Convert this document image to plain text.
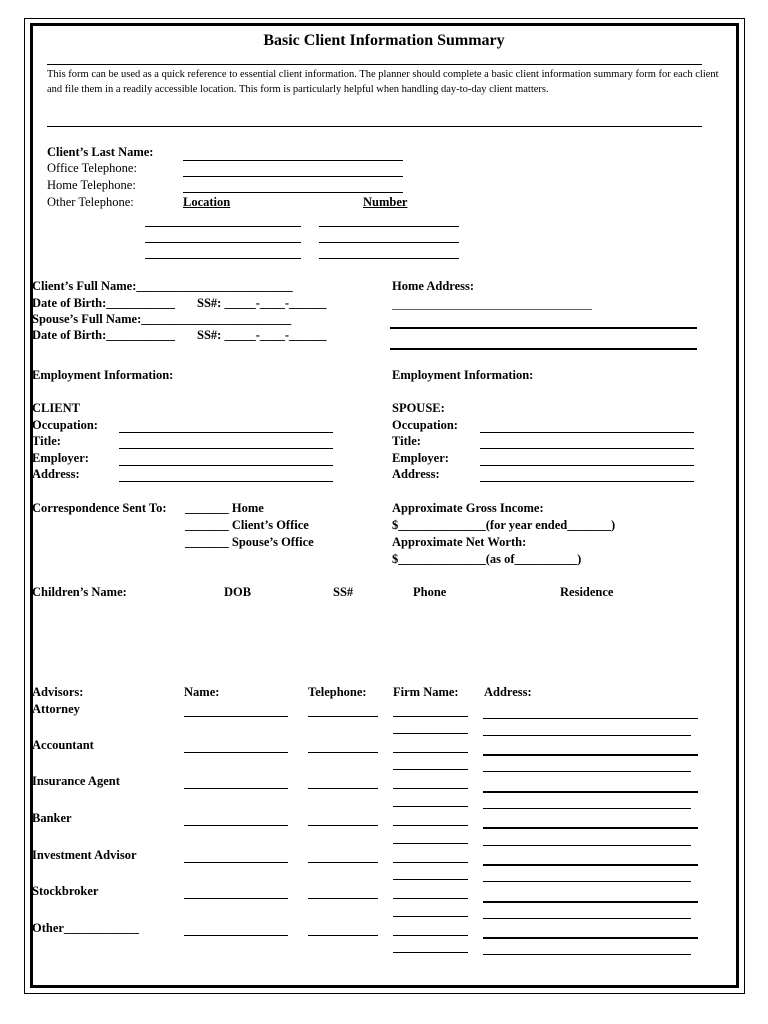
Basic Client Information Summary
This form can be used as a quick reference to essential client information. The planner should complete a basic client information summary form for each client and file them in a readily accessible location. This form is particularly helpful when handling day-to-day client matters.
Client’s Last Name:
Office Telephone:
Home Telephone:
Other Telephone:	Location	Number
Client’s Full Name:_________________________
Date of Birth:___________ SS#: _____-____-______
Spouse’s Full Name:________________________
Date of Birth:___________ SS#: _____-____-______
Home Address:
________________________________
Employment Information:	Employment Information:
CLIENT	SPOUSE:
Occupation:
Title:
Employer:
Address:
Occupation:
Title:
Employer:
Address:
Correspondence Sent To: _______ Home
_______ Client’s Office
_______ Spouse’s Office
Approximate Gross Income:
$______________(for year ended_______)
Approximate Net Worth:
$______________(as of__________)
Children’s Name:	DOB	SS#	Phone	Residence
Advisors:	Name:	Telephone: Firm Name: Address:
Attorney
Accountant
Insurance Agent
Banker
Investment Advisor
Stockbroker
Other____________
